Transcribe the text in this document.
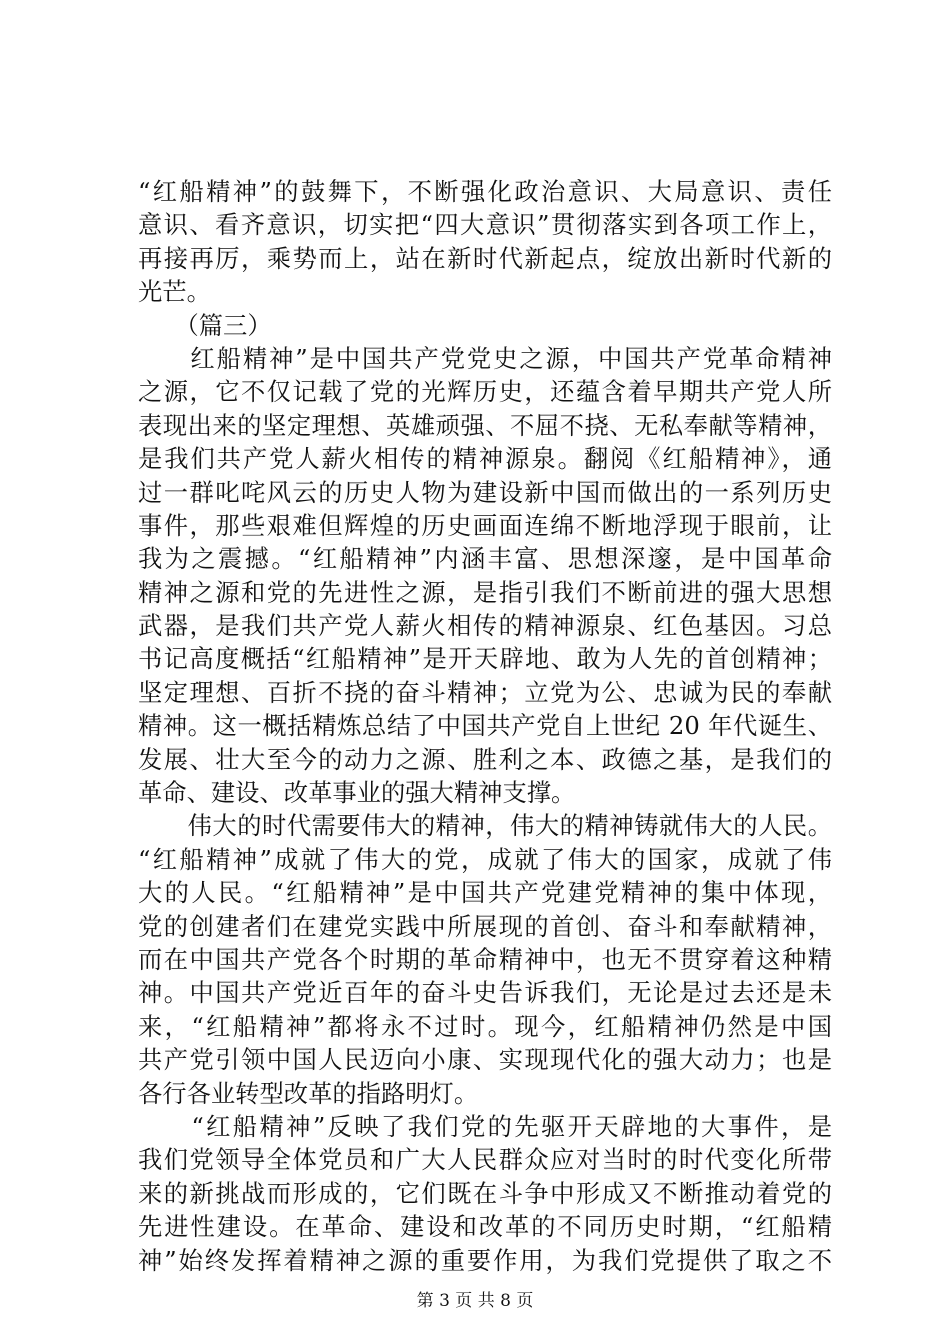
“红船精神”的鼓舞下，不断强化政治意识、大局意识、责任
意识、看齐意识，切实把“四大意识”贯彻落实到各项工作上，
再接再厉，乘势而上，站在新时代新起点，绽放出新时代新的
光芒。
　　（篇三）
　　红船精神”是中国共产党党史之源，中国共产党革命精神
之源，它不仅记载了党的光辉历史，还蕴含着早期共产党人所
表现出来的坚定理想、英雄顽强、不屈不挠、无私奉献等精神，
是我们共产党人薪火相传的精神源泉。翻阅《红船精神》，通
过一群叱咤风云的历史人物为建设新中国而做出的一系列历史
事件，那些艰难但辉煌的历史画面连绵不断地浮现于眼前，让
我为之震撼。“红船精神”内涵丰富、思想深邃，是中国革命
精神之源和党的先进性之源，是指引我们不断前进的强大思想
武器，是我们共产党人薪火相传的精神源泉、红色基因。习总
书记高度概括“红船精神”是开天辟地、敢为人先的首创精神；
坚定理想、百折不挠的奋斗精神；立党为公、忠诚为民的奉献
精神。这一概括精炼总结了中国共产党自上世纪 20 年代诞生、
发展、壮大至今的动力之源、胜利之本、政德之基，是我们的
革命、建设、改革事业的强大精神支撑。
　　伟大的时代需要伟大的精神，伟大的精神铸就伟大的人民。
“红船精神”成就了伟大的党，成就了伟大的国家，成就了伟
大的人民。“红船精神”是中国共产党建党精神的集中体现，
党的创建者们在建党实践中所展现的首创、奋斗和奉献精神，
而在中国共产党各个时期的革命精神中，也无不贯穿着这种精
神。中国共产党近百年的奋斗史告诉我们，无论是过去还是未
来，“红船精神”都将永不过时。现今，红船精神仍然是中国
共产党引领中国人民迈向小康、实现现代化的强大动力；也是
各行各业转型改革的指路明灯。
　　“红船精神”反映了我们党的先驱开天辟地的大事件，是
我们党领导全体党员和广大人民群众应对当时的时代变化所带
来的新挑战而形成的，它们既在斗争中形成又不断推动着党的
先进性建设。在革命、建设和改革的不同历史时期，“红船精
神”始终发挥着精神之源的重要作用，为我们党提供了取之不
第 3 页 共 8 页
